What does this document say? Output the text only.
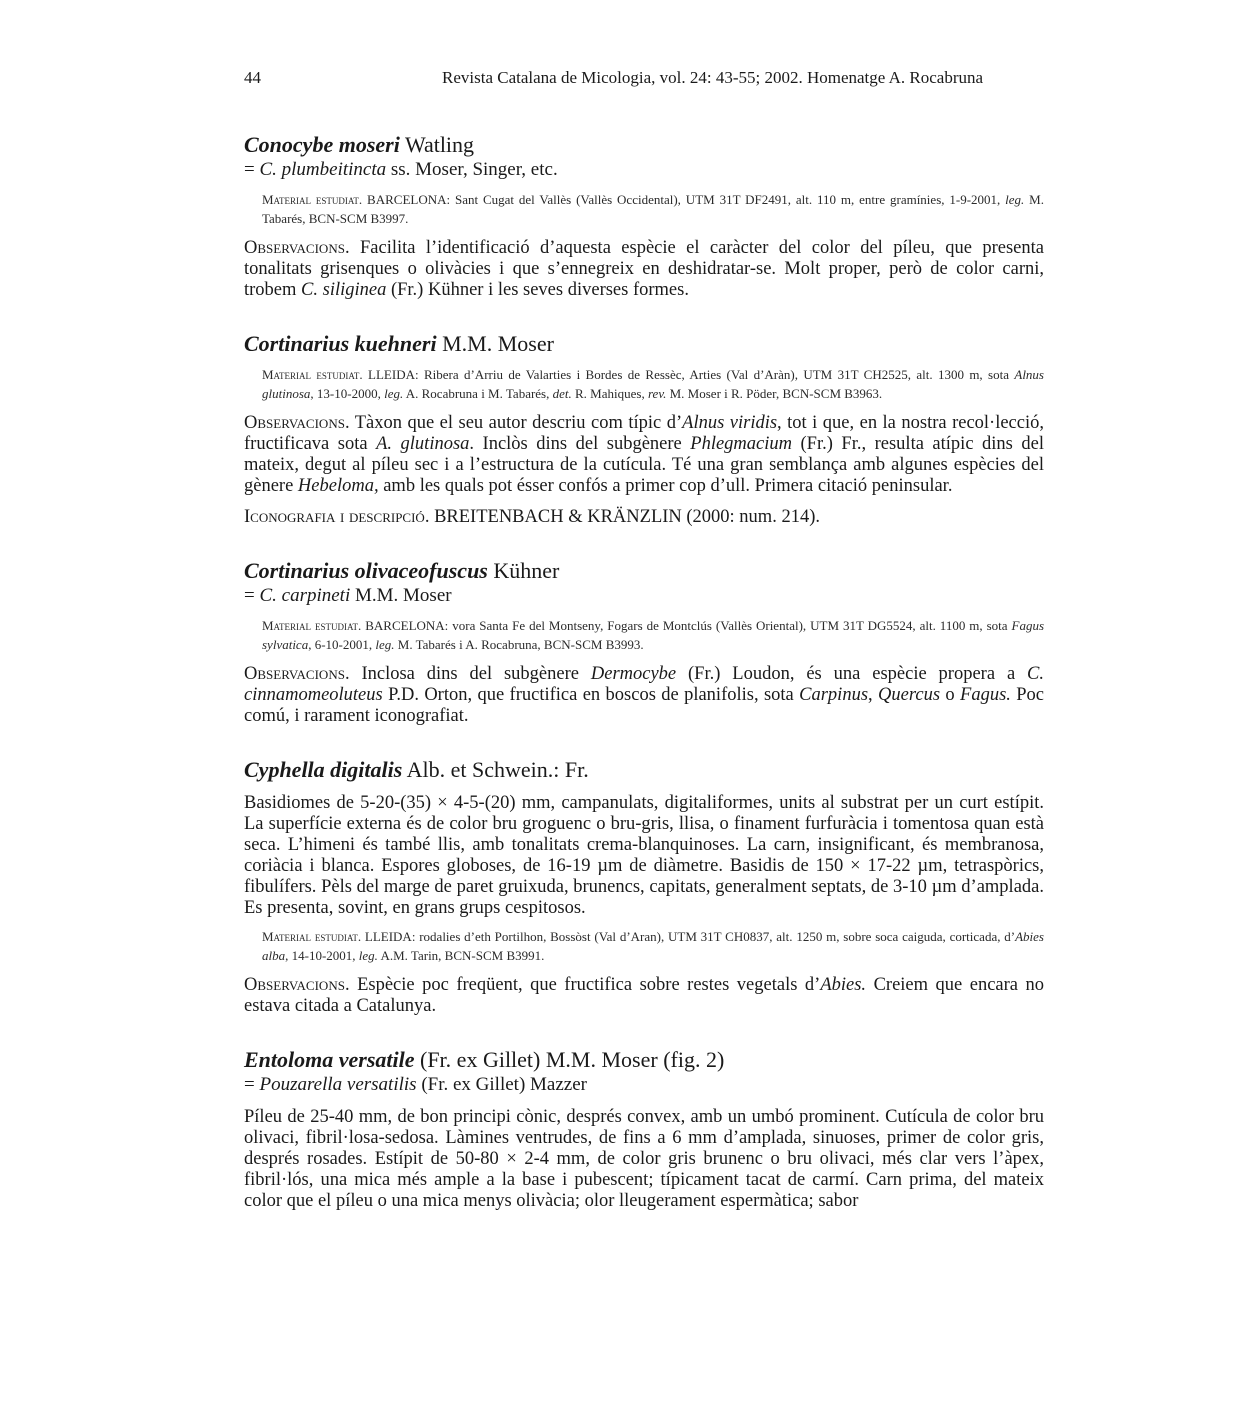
44	Revista Catalana de Micologia, vol. 24: 43-55; 2002. Homenatge A. Rocabruna

Conocybe moseri Watling

= C. plumbeitincta ss. Moser, Singer, etc.

Material estudiat. BARCELONA: Sant Cugat del Vallès (Vallès Occidental), UTM 31T DF2491, alt. 110 m, entre gramínies, 1-9-2001, leg. M. Tabarés, BCN-SCM B3997.

Observacions. Facilita l’identificació d’aquesta espècie el caràcter del color del píleu, que presenta tonalitats grisenques o olivàcies i que s’ennegreix en deshidratar-se. Molt proper, però de color carni, trobem C. siliginea (Fr.) Kühner i les seves diverses formes.

Cortinarius kuehneri M.M. Moser

Material estudiat. LLEIDA: Ribera d’Arriu de Valarties i Bordes de Ressèc, Arties (Val d’Aràn), UTM 31T CH2525, alt. 1300 m, sota Alnus glutinosa, 13-10-2000, leg. A. Rocabruna i M. Tabarés, det. R. Mahiques, rev. M. Moser i R. Pöder, BCN-SCM B3963.

Observacions. Tàxon que el seu autor descriu com típic d’Alnus viridis, tot i que, en la nostra recol·lecció, fructificava sota A. glutinosa. Inclòs dins del subgènere Phlegmacium (Fr.) Fr., resulta atípic dins del mateix, degut al píleu sec i a l’estructura de la cutícula. Té una gran semblança amb algunes espècies del gènere Hebeloma, amb les quals pot ésser confós a primer cop d’ull. Primera citació peninsular.

Iconografia i descripció. BREITENBACH & KRÄNZLIN (2000: num. 214).

Cortinarius olivaceofuscus Kühner

= C. carpineti M.M. Moser

Material estudiat. BARCELONA: vora Santa Fe del Montseny, Fogars de Montclús (Vallès Oriental), UTM 31T DG5524, alt. 1100 m, sota Fagus sylvatica, 6-10-2001, leg. M. Tabarés i A. Rocabruna, BCN-SCM B3993.

Observacions. Inclosa dins del subgènere Dermocybe (Fr.) Loudon, és una espècie propera a C. cinnamomeoluteus P.D. Orton, que fructifica en boscos de planifolis, sota Carpinus, Quercus o Fagus. Poc comú, i rarament iconografiat.

Cyphella digitalis Alb. et Schwein.: Fr.

Basidiomes de 5-20-(35) × 4-5-(20) mm, campanulats, digitaliformes, units al substrat per un curt estípit. La superfície externa és de color bru groguenc o bru-gris, llisa, o finament furfuràcia i tomentosa quan està seca. L’himeni és també llis, amb tonalitats crema-blanquinoses. La carn, insignificant, és membranosa, coriàcia i blanca. Espores globoses, de 16-19 µm de diàmetre. Basidis de 150 × 17-22 µm, tetraspòrics, fibulífers. Pèls del marge de paret gruixuda, brunencs, capitats, generalment septats, de 3-10 µm d’amplada. Es presenta, sovint, en grans grups cespitosos.

Material estudiat. LLEIDA: rodalies d’eth Portilhon, Bossòst (Val d’Aran), UTM 31T CH0837, alt. 1250 m, sobre soca caiguda, corticada, d’Abies alba, 14-10-2001, leg. A.M. Tarin, BCN-SCM B3991.

Observacions. Espècie poc freqüent, que fructifica sobre restes vegetals d’Abies. Creiem que encara no estava citada a Catalunya.

Entoloma versatile (Fr. ex Gillet) M.M. Moser (fig. 2)

= Pouzarella versatilis (Fr. ex Gillet) Mazzer

Píleu de 25-40 mm, de bon principi cònic, després convex, amb un umbó prominent. Cutícula de color bru olivaci, fibril·losa-sedosa. Làmines ventrudes, de fins a 6 mm d’amplada, sinuoses, primer de color gris, després rosades. Estípit de 50-80 × 2-4 mm, de color gris brunenc o bru olivaci, més clar vers l’àpex, fibril·lós, una mica més ample a la base i pubescent; típicament tacat de carmí. Carn prima, del mateix color que el píleu o una mica menys olivàcia; olor lleugerament espermàtica; sabor
